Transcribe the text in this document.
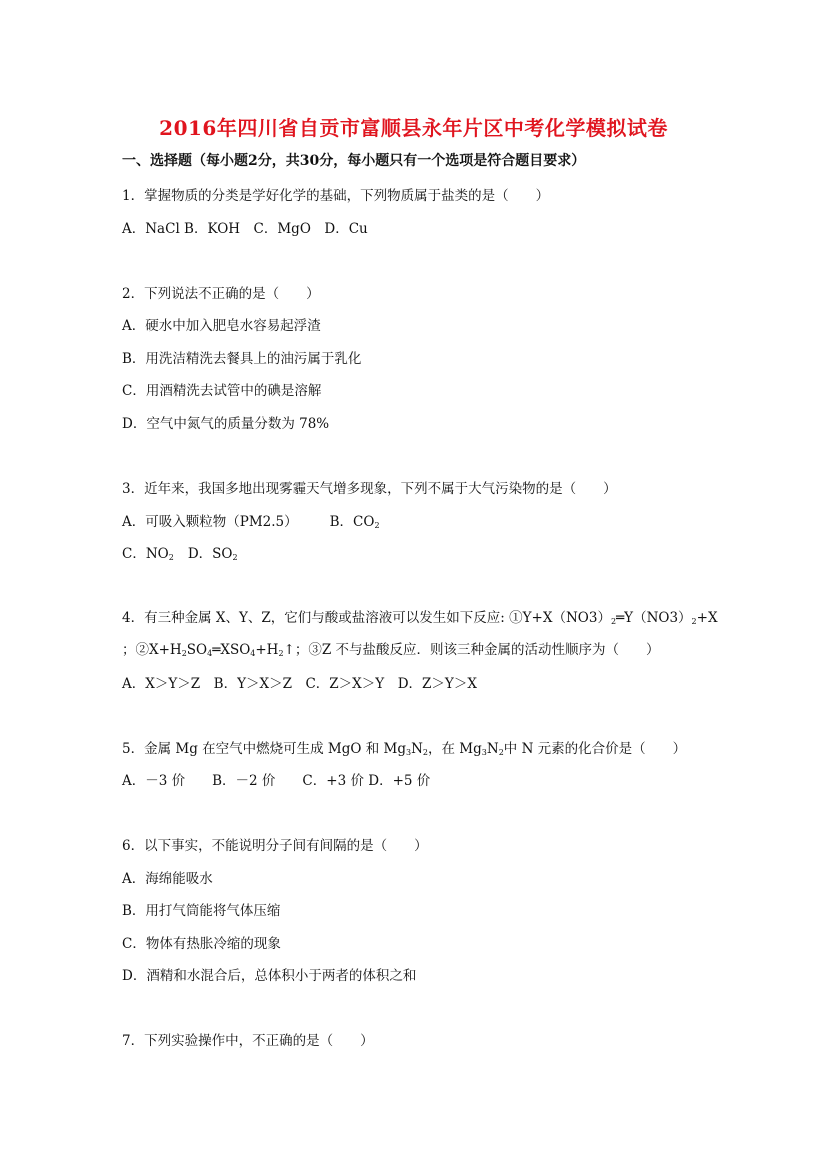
2016年四川省自贡市富顺县永年片区中考化学模拟试卷
一、选择题（每小题2分，共30分，每小题只有一个选项是符合题目要求）
1．掌握物质的分类是学好化学的基础，下列物质属于盐类的是（　　）
A．NaCl B．KOH　C．MgO　D．Cu
2．下列说法不正确的是（　　）
A．硬水中加入肥皂水容易起浮渣
B．用洗洁精洗去餐具上的油污属于乳化
C．用酒精洗去试管中的碘是溶解
D．空气中氮气的质量分数为 78%
3．近年来，我国多地出现雾霾天气增多现象，下列不属于大气污染物的是（　　）
A．可吸入颗粒物（PM2.5） B．$CO_2$
C．$NO_2$ D．$SO_2$
4．有三种金属 X、Y、Z，它们与酸或盐溶液可以发生如下反应: $①Y+X(NO3)_2═Y(NO3)_2+X$
；$②X+H_2SO_4═XSO_4+H_2↑$；③Z 不与盐酸反应．则该三种金属的活动性顺序为（　　）
A．X＞Y＞Z　B．Y＞X＞Z　C．Z＞X＞Y　D．Z＞Y＞X
5．金属 Mg 在空气中燃烧可生成 MgO 和 $Mg_3N_2$，在 $Mg_3N_2$中 N 元素的化合价是（　　）
A．－3 价　　B．－2 价　　C．+3 价 D．+5 价
6．以下事实，不能说明分子间有间隔的是（　　）
A．海绵能吸水
B．用打气筒能将气体压缩
C．物体有热胀冷缩的现象
D．酒精和水混合后，总体积小于两者的体积之和
7．下列实验操作中，不正确的是（　　）
